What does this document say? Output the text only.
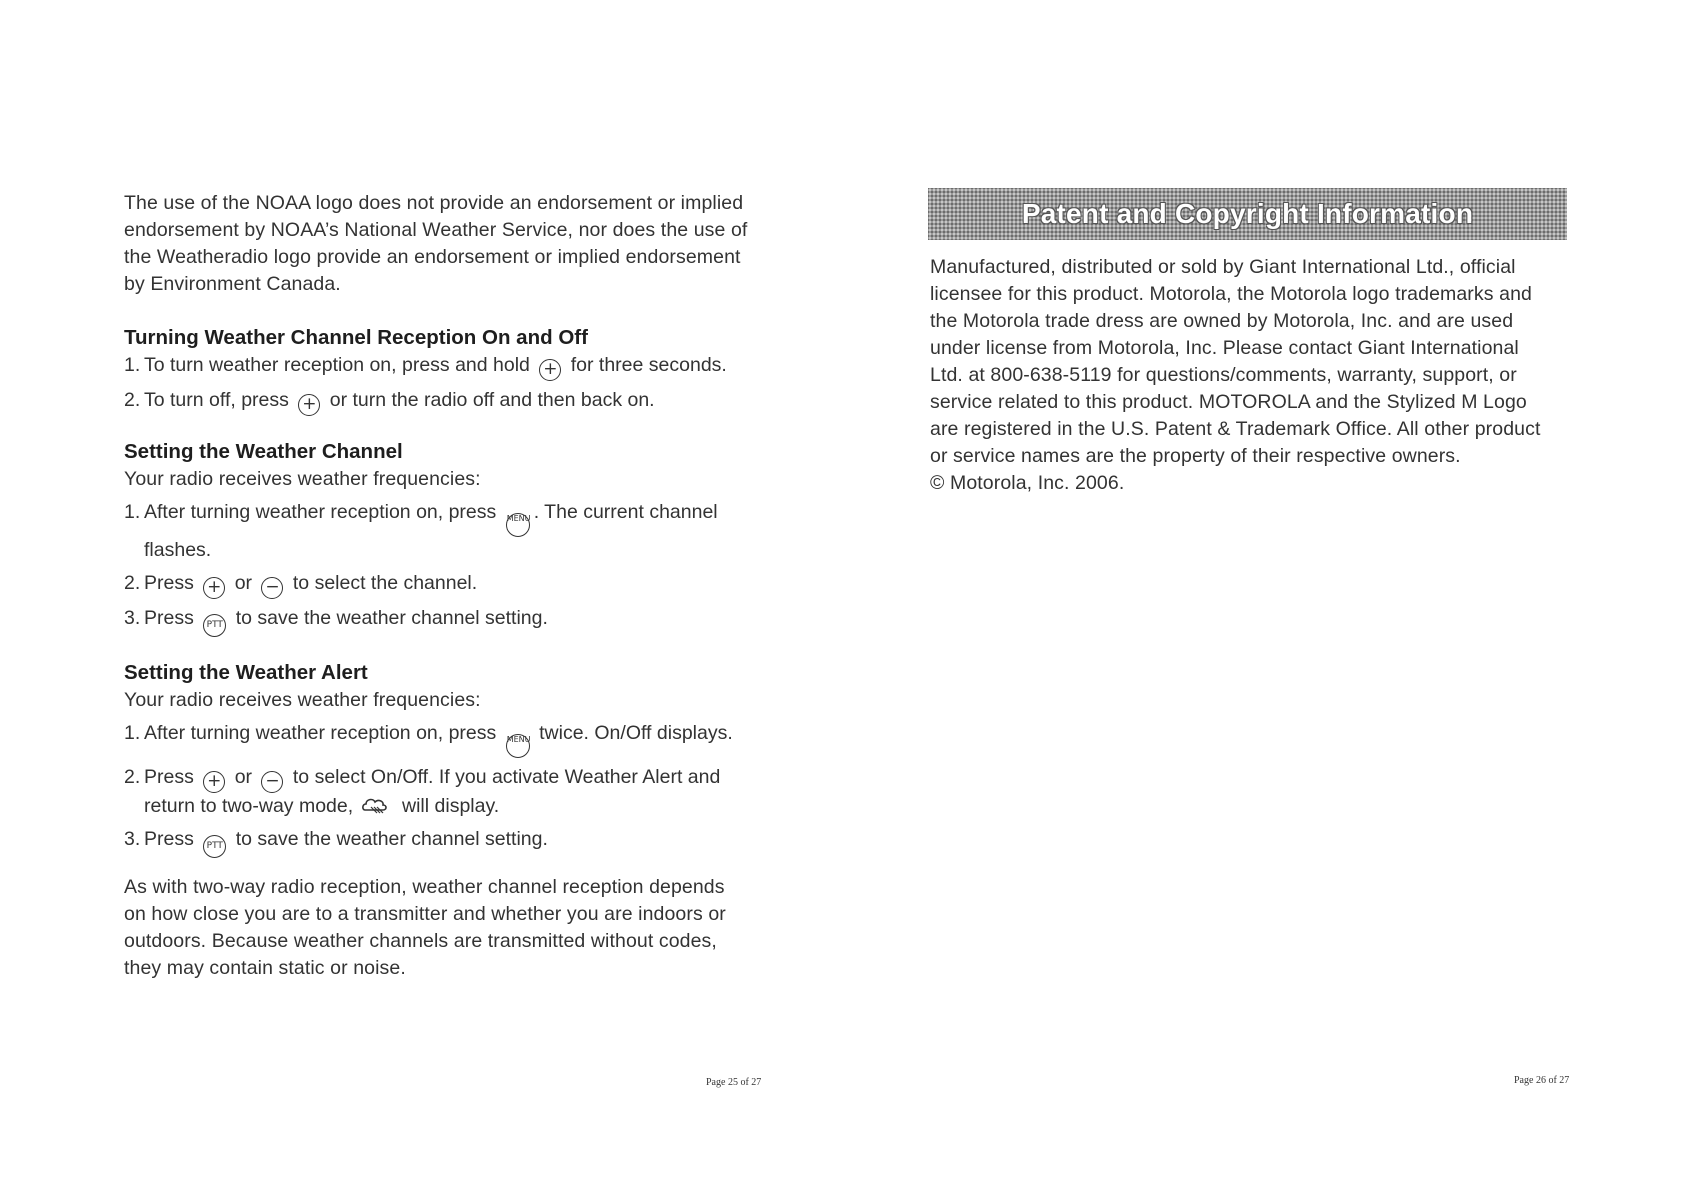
The use of the NOAA logo does not provide an endorsement or implied

endorsement by NOAA’s National Weather Service, nor does the use of

the Weatheradio logo provide an endorsement or implied endorsement

by Environment Canada.

Turning Weather Channel Reception On and Off
1. To turn weather reception on, press and hold + for three seconds.
2. To turn off, press + or turn the radio off and then back on.
Setting the Weather Channel

Your radio receives weather frequencies:

1. After turning weather reception on, press MENU . The current channel
flashes.
2. Press + or − to select the channel.
3. Press PTT to save the weather channel setting.
Setting the Weather Alert

Your radio receives weather frequencies:

1. After turning weather reception on, press MENU twice. On/Off displays.
2. Press + or − to select On/Off. If you activate Weather Alert and
return to two-way mode,	will display.
3. Press PTT to save the weather channel setting.

As with two-way radio reception, weather channel reception depends

on how close you are to a transmitter and whether you are indoors or

outdoors. Because weather channels are transmitted without codes,

they may contain static or noise.

Page 25 of 27
Patent and Copyright Information

Manufactured, distributed or sold by Giant International Ltd., official

licensee for this product. Motorola, the Motorola logo trademarks and

the Motorola trade dress are owned by Motorola, Inc. and are used

under license from Motorola, Inc. Please contact Giant International

Ltd. at 800-638-5119 for questions/comments, warranty, support, or

service related to this product. MOTOROLA and the Stylized M Logo

are registered in the U.S. Patent & Trademark Office. All other product

or service names are the property of their respective owners.

© Motorola, Inc. 2006.

Page 26 of 27
